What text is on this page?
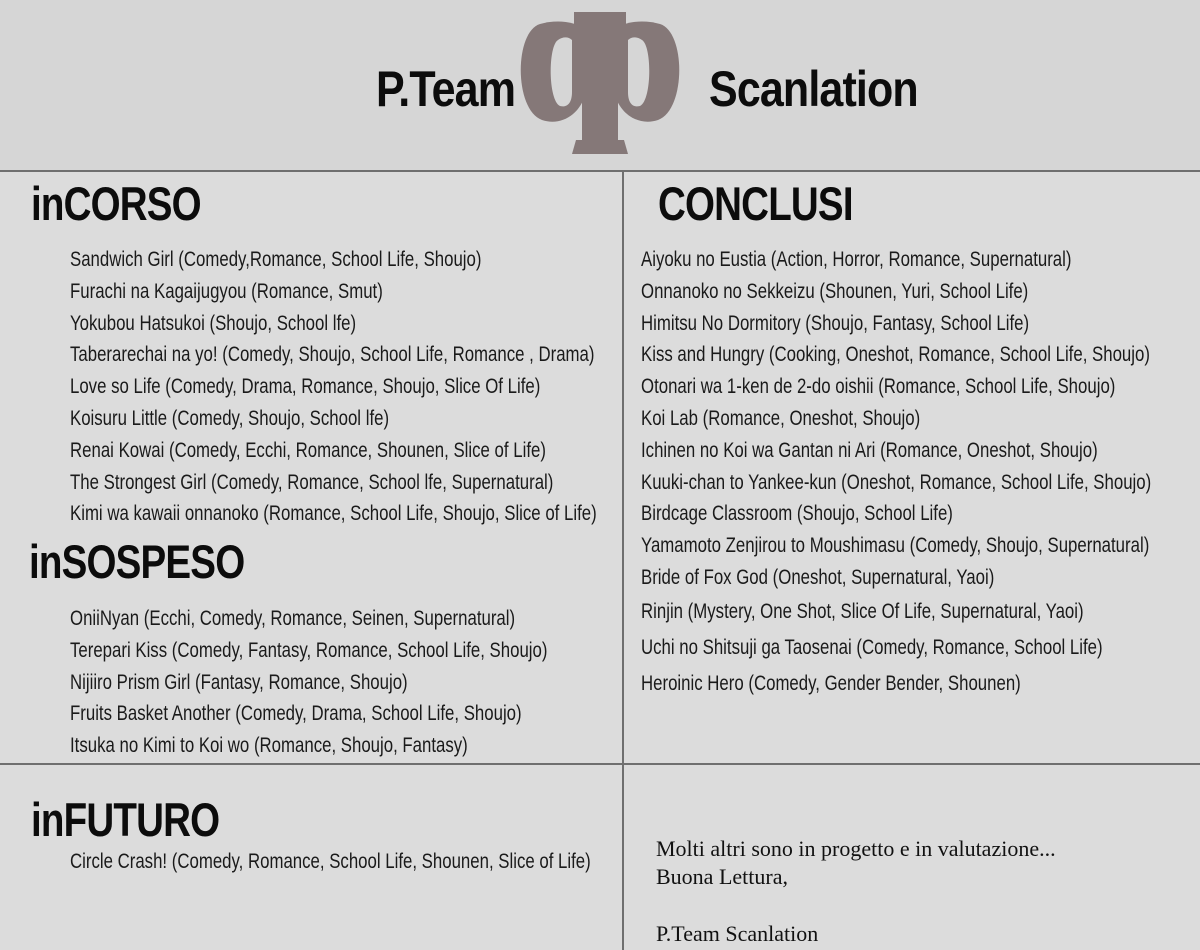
P.Team	Scanlation
inCORSO
Sandwich Girl (Comedy,Romance, School Life, Shoujo)
Furachi na Kagaijugyou (Romance, Smut)
Yokubou Hatsukoi (Shoujo, School lfe)
Taberarechai na yo! (Comedy, Shoujo, School Life, Romance , Drama)
Love so Life (Comedy, Drama, Romance, Shoujo, Slice Of Life)
Koisuru Little (Comedy, Shoujo, School lfe)
Renai Kowai (Comedy, Ecchi, Romance, Shounen, Slice of Life)
The Strongest Girl (Comedy, Romance, School lfe, Supernatural)
Kimi wa kawaii onnanoko (Romance, School Life, Shoujo, Slice of Life)
inSOSPESO
OniiNyan (Ecchi, Comedy, Romance, Seinen, Supernatural)
Terepari Kiss (Comedy, Fantasy, Romance, School Life, Shoujo)
Nijiiro Prism Girl (Fantasy, Romance, Shoujo)
Fruits Basket Another (Comedy, Drama, School Life, Shoujo)
Itsuka no Kimi to Koi wo (Romance, Shoujo, Fantasy)
CONCLUSI
Aiyoku no Eustia (Action, Horror, Romance, Supernatural)
Onnanoko no Sekkeizu (Shounen, Yuri, School Life)
Himitsu No Dormitory (Shoujo, Fantasy, School Life)
Kiss and Hungry (Cooking, Oneshot, Romance, School Life, Shoujo)
Otonari wa 1-ken de 2-do oishii (Romance, School Life, Shoujo)
Koi Lab (Romance, Oneshot, Shoujo)
Ichinen no Koi wa Gantan ni Ari (Romance, Oneshot, Shoujo)
Kuuki-chan to Yankee-kun (Oneshot, Romance, School Life, Shoujo)
Birdcage Classroom (Shoujo, School Life)
Yamamoto Zenjirou to Moushimasu (Comedy, Shoujo, Supernatural)
Bride of Fox God (Oneshot, Supernatural, Yaoi)
Rinjin (Mystery, One Shot, Slice Of Life, Supernatural, Yaoi)
Uchi no Shitsuji ga Taosenai (Comedy, Romance, School Life)
Heroinic Hero (Comedy, Gender Bender, Shounen)
inFUTURO
Circle Crash! (Comedy, Romance, School Life, Shounen, Slice of Life)
Molti altri sono in progetto e in valutazione...
Buona Lettura,
P.Team Scanlation
